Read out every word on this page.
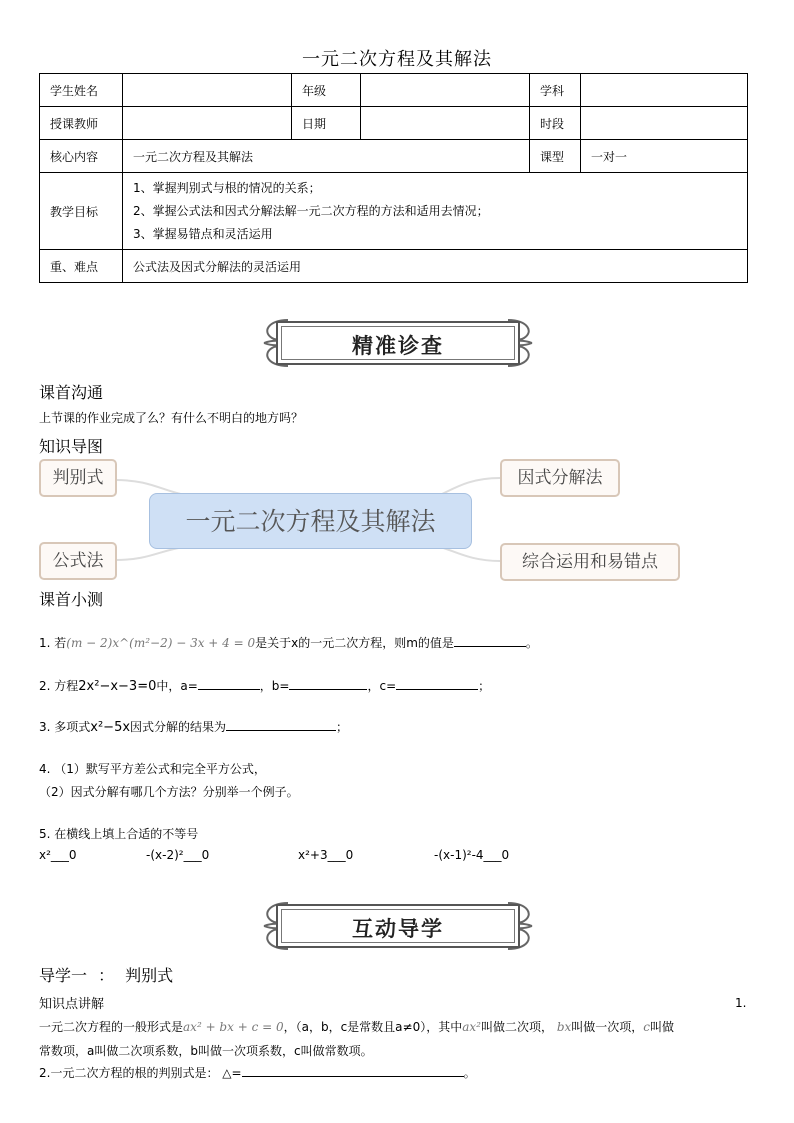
一元二次方程及其解法
学生姓名		年级		学科	
授课教师		日期		时段	
核心内容	一元二次方程及其解法			课型	一对一
教学目标	1、掌握判别式与根的情况的关系；
2、掌握公式法和因式分解法解一元二次方程的方法和适用去情况；
3、掌握易错点和灵活运用				

重、难点	公式法及因式分解法的灵活运用				
精准诊查
课首沟通
上节课的作业完成了么？有什么不明白的地方吗？
知识导图
判别式
公式法
因式分解法
综合运用和易错点
一元二次方程及其解法
课首小测
1. 若(m − 2)x^(m²−2) − 3x + 4 = 0是关于x的一元二次方程，则m的值是	。
2. 方程2x²−x−3=0中，a=	，b=	，c=	；
3. 多项式x²−5x因式分解的结果为	；
4. （1）默写平方差公式和完全平方公式，
（2）因式分解有哪几个方法？分别举一个例子。
5. 在横线上填上合适的不等号
x²___0	-(x-2)²___0	x²+3___0	-(x-1)²-4___0
互动导学
导学一 ： 判别式
知识点讲解	1.
一元二次方程的一般形式是ax² + bx + c = 0，（a，b，c是常数且a≠0），其中ax²叫做二次项， bx叫做一次项，c叫做
常数项，a叫做二次项系数，b叫做一次项系数，c叫做常数项。
2.一元二次方程的根的判别式是： △=	。
